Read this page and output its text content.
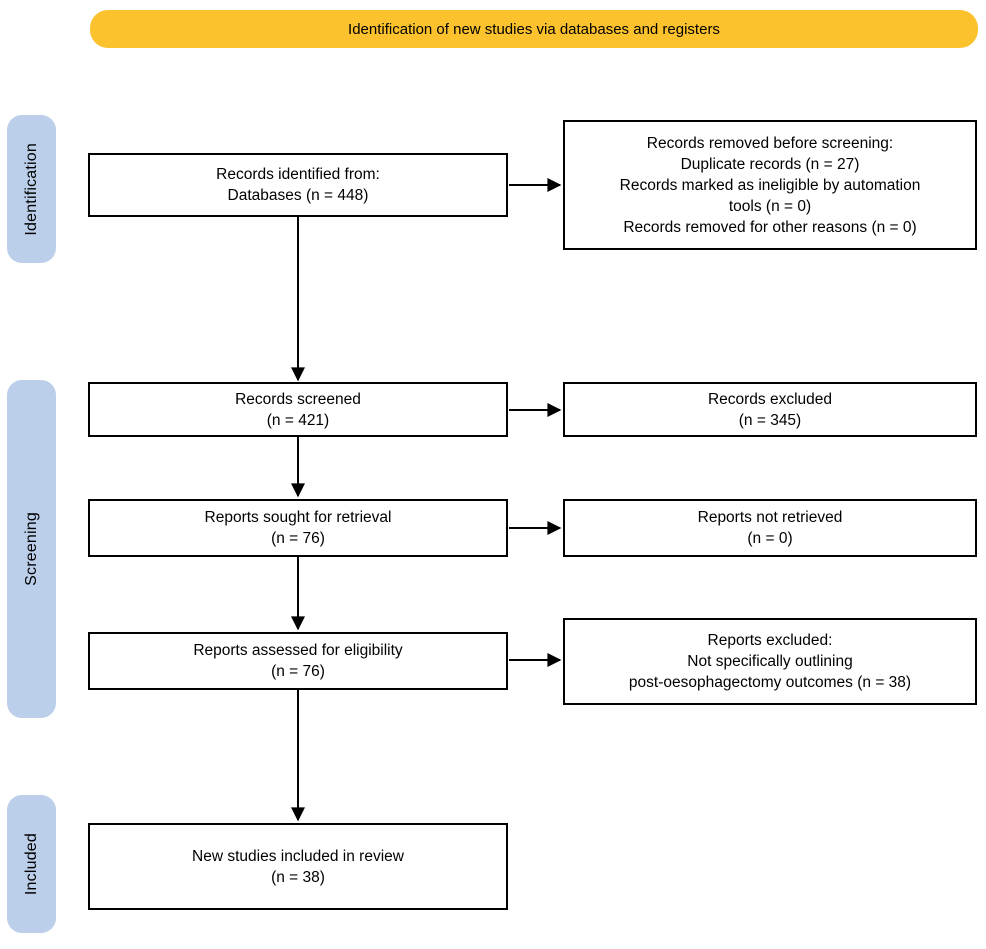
Identification of new studies via databases and registers
Identification
Screening
Included
Records identified from:
Databases (n = 448)
Records removed before screening:
Duplicate records (n = 27)
Records marked as ineligible by automation
tools (n = 0)
Records removed for other reasons (n = 0)
Records screened
(n = 421)
Records excluded
(n = 345)
Reports sought for retrieval
(n = 76)
Reports not retrieved
(n = 0)
Reports assessed for eligibility
(n = 76)
Reports excluded:
Not specifically outlining
post-oesophagectomy outcomes (n = 38)
New studies included in review
(n = 38)
